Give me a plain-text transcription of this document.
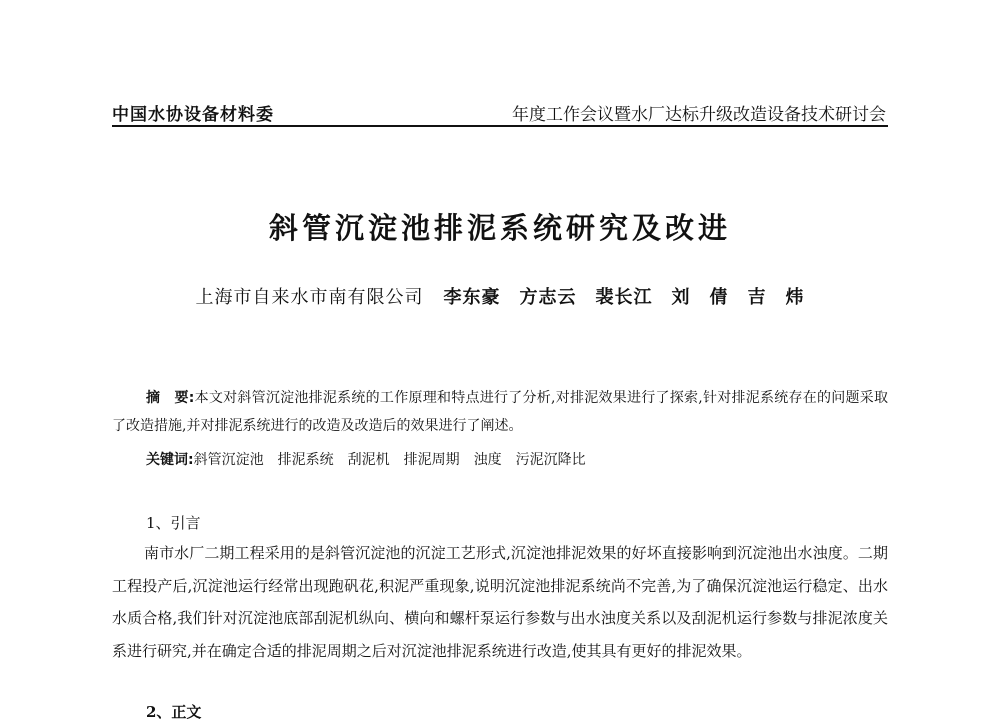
中国水协设备材料委	年度工作会议暨水厂达标升级改造设备技术研讨会
斜管沉淀池排泥系统研究及改进
上海市自来水市南有限公司 李东豪　方志云　裴长江　刘　倩　吉　炜
摘　要:本文对斜管沉淀池排泥系统的工作原理和特点进行了分析,对排泥效果进行了探索,针对排泥系统存在的问题采取了改造措施,并对排泥系统进行的改造及改造后的效果进行了阐述。
关键词:斜管沉淀池　排泥系统　刮泥机　排泥周期　浊度　污泥沉降比
1、引言
南市水厂二期工程采用的是斜管沉淀池的沉淀工艺形式,沉淀池排泥效果的好坏直接影响到沉淀池出水浊度。二期工程投产后,沉淀池运行经常出现跑矾花,积泥严重现象,说明沉淀池排泥系统尚不完善,为了确保沉淀池运行稳定、出水水质合格,我们针对沉淀池底部刮泥机纵向、横向和螺杆泵运行参数与出水浊度关系以及刮泥机运行参数与排泥浓度关系进行研究,并在确定合适的排泥周期之后对沉淀池排泥系统进行改造,使其具有更好的排泥效果。
2、正文
